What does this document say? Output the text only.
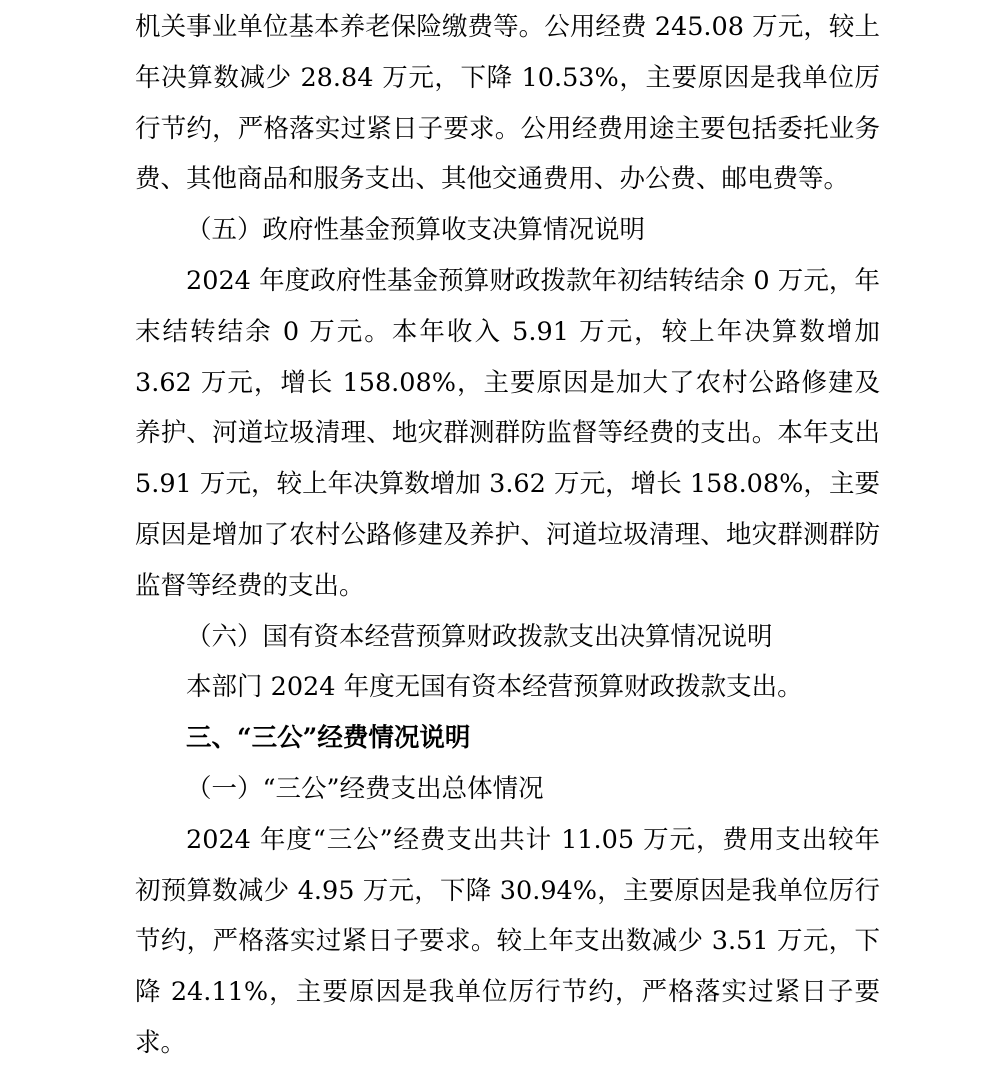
机关事业单位基本养老保险缴费等。公用经费 245.08 万元，较上年决算数减少 28.84 万元，下降 10.53%，主要原因是我单位厉行节约，严格落实过紧日子要求。公用经费用途主要包括委托业务费、其他商品和服务支出、其他交通费用、办公费、邮电费等。

（五）政府性基金预算收支决算情况说明

2024 年度政府性基金预算财政拨款年初结转结余 0 万元，年末结转结余 0 万元。本年收入 5.91 万元，较上年决算数增加 3.62 万元，增长 158.08%，主要原因是加大了农村公路修建及养护、河道垃圾清理、地灾群测群防监督等经费的支出。本年支出 5.91 万元，较上年决算数增加 3.62 万元，增长 158.08%，主要原因是增加了农村公路修建及养护、河道垃圾清理、地灾群测群防监督等经费的支出。

（六）国有资本经营预算财政拨款支出决算情况说明

本部门 2024 年度无国有资本经营预算财政拨款支出。

三、“三公”经费情况说明

（一）“三公”经费支出总体情况

2024 年度“三公”经费支出共计 11.05 万元，费用支出较年初预算数减少 4.95 万元，下降 30.94%，主要原因是我单位厉行节约，严格落实过紧日子要求。较上年支出数减少 3.51 万元，下降 24.11%，主要原因是我单位厉行节约，严格落实过紧日子要求。
